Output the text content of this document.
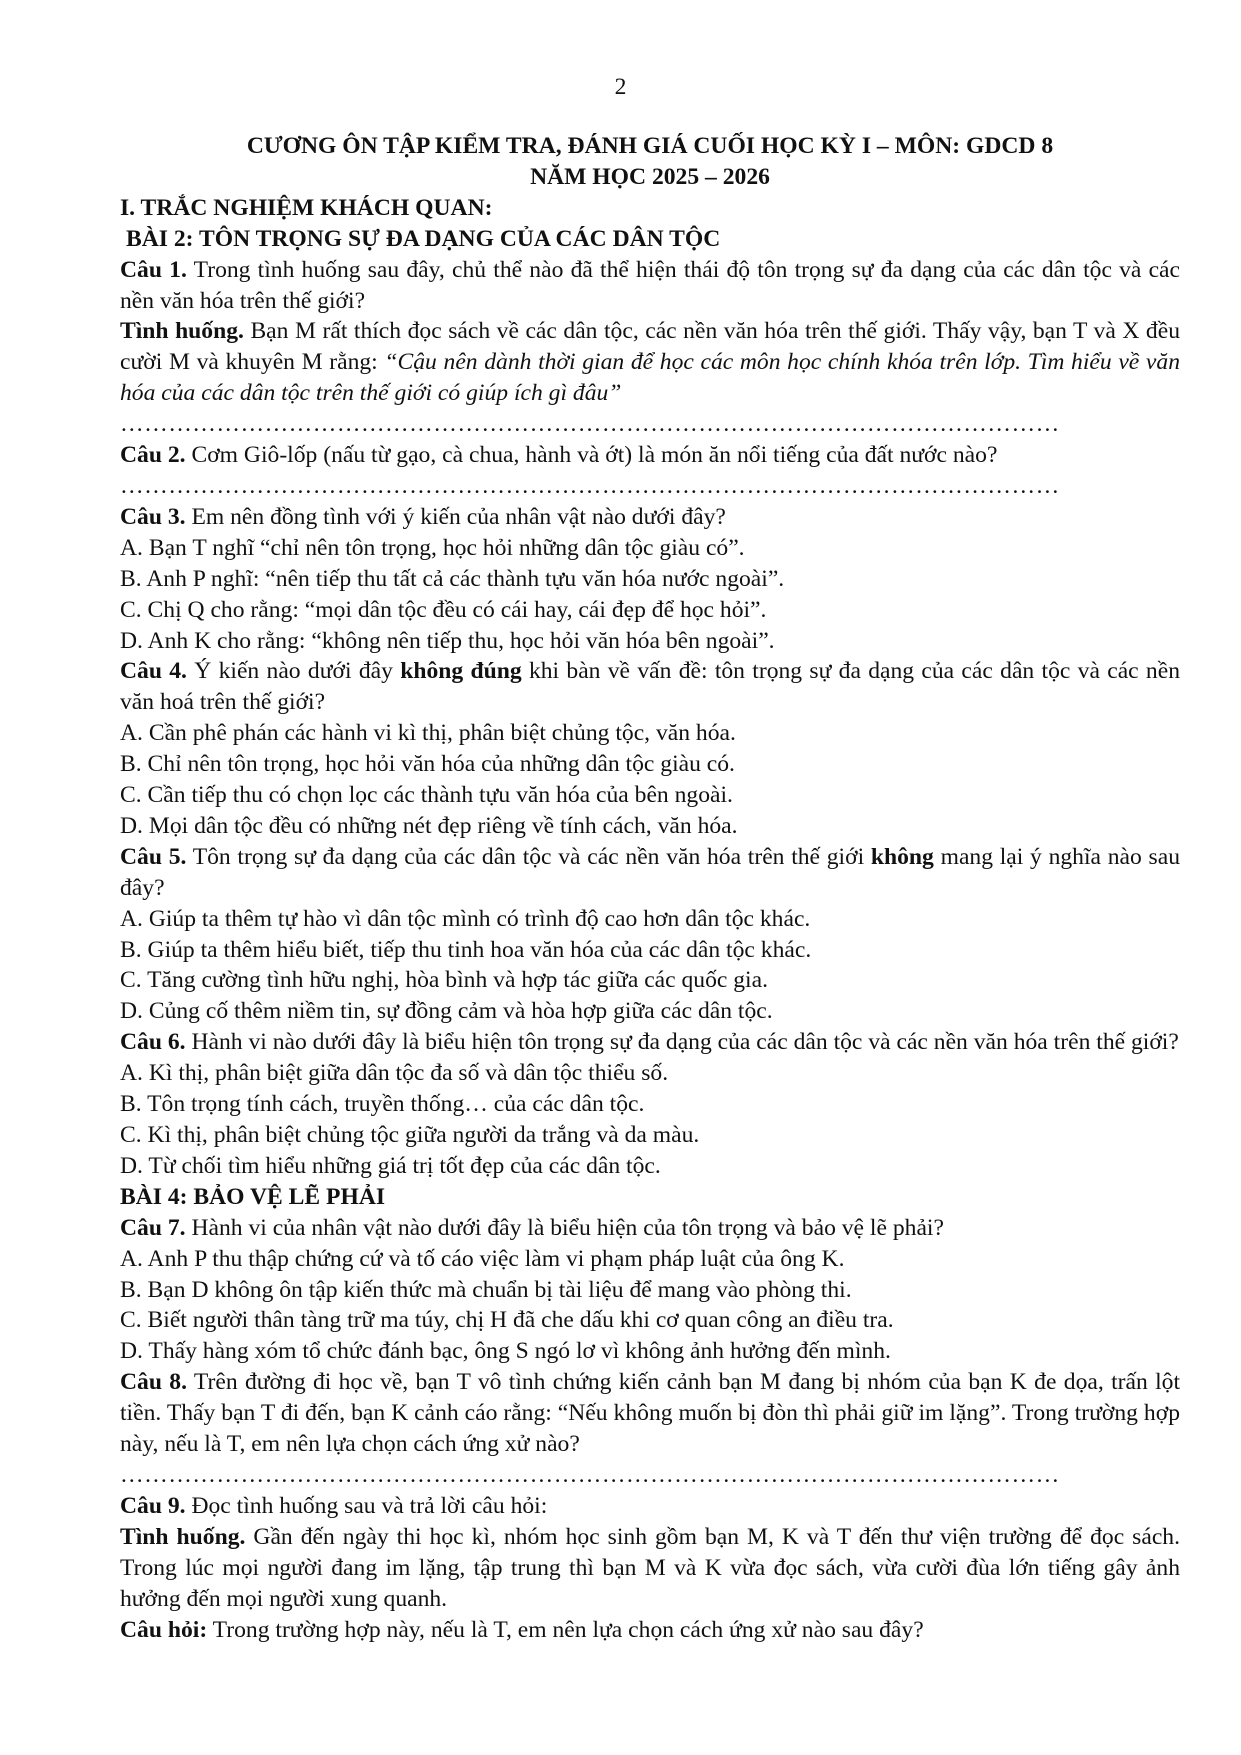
2
CƯƠNG ÔN TẬP KIỂM TRA, ĐÁNH GIÁ CUỐI HỌC KỲ I – MÔN: GDCD 8
NĂM HỌC 2025 – 2026
I. TRẮC NGHIỆM KHÁCH QUAN:
BÀI 2: TÔN TRỌNG SỰ ĐA DẠNG CỦA CÁC DÂN TỘC
Câu 1. Trong tình huống sau đây, chủ thể nào đã thể hiện thái độ tôn trọng sự đa dạng của các dân tộc và các nền văn hóa trên thế giới?
Tình huống. Bạn M rất thích đọc sách về các dân tộc, các nền văn hóa trên thế giới. Thấy vậy, bạn T và X đều cười M và khuyên M rằng: “Cậu nên dành thời gian để học các môn học chính khóa trên lớp. Tìm hiểu về văn hóa của các dân tộc trên thế giới có giúp ích gì đâu”
………………………………………………………………………………………………………
Câu 2. Cơm Giô-lốp (nấu từ gạo, cà chua, hành và ớt) là món ăn nổi tiếng của đất nước nào?
………………………………………………………………………………………………………
Câu 3. Em nên đồng tình với ý kiến của nhân vật nào dưới đây?
A. Bạn T nghĩ “chỉ nên tôn trọng, học hỏi những dân tộc giàu có”.
B. Anh P nghĩ: “nên tiếp thu tất cả các thành tựu văn hóa nước ngoài”.
C. Chị Q cho rằng: “mọi dân tộc đều có cái hay, cái đẹp để học hỏi”.
D. Anh K cho rằng: “không nên tiếp thu, học hỏi văn hóa bên ngoài”.
Câu 4. Ý kiến nào dưới đây không đúng khi bàn về vấn đề: tôn trọng sự đa dạng của các dân tộc và các nền văn hoá trên thế giới?
A. Cần phê phán các hành vi kì thị, phân biệt chủng tộc, văn hóa.
B. Chỉ nên tôn trọng, học hỏi văn hóa của những dân tộc giàu có.
C. Cần tiếp thu có chọn lọc các thành tựu văn hóa của bên ngoài.
D. Mọi dân tộc đều có những nét đẹp riêng về tính cách, văn hóa.
Câu 5. Tôn trọng sự đa dạng của các dân tộc và các nền văn hóa trên thế giới không mang lại ý nghĩa nào sau đây?
A. Giúp ta thêm tự hào vì dân tộc mình có trình độ cao hơn dân tộc khác.
B. Giúp ta thêm hiểu biết, tiếp thu tinh hoa văn hóa của các dân tộc khác.
C. Tăng cường tình hữu nghị, hòa bình và hợp tác giữa các quốc gia.
D. Củng cố thêm niềm tin, sự đồng cảm và hòa hợp giữa các dân tộc.
Câu 6. Hành vi nào dưới đây là biểu hiện tôn trọng sự đa dạng của các dân tộc và các nền văn hóa trên thế giới?
A. Kì thị, phân biệt giữa dân tộc đa số và dân tộc thiểu số.
B. Tôn trọng tính cách, truyền thống… của các dân tộc.
C. Kì thị, phân biệt chủng tộc giữa người da trắng và da màu.
D. Từ chối tìm hiểu những giá trị tốt đẹp của các dân tộc.
BÀI 4: BẢO VỆ LẼ PHẢI
Câu 7. Hành vi của nhân vật nào dưới đây là biểu hiện của tôn trọng và bảo vệ lẽ phải?
A. Anh P thu thập chứng cứ và tố cáo việc làm vi phạm pháp luật của ông K.
B. Bạn D không ôn tập kiến thức mà chuẩn bị tài liệu để mang vào phòng thi.
C. Biết người thân tàng trữ ma túy, chị H đã che dấu khi cơ quan công an điều tra.
D. Thấy hàng xóm tổ chức đánh bạc, ông S ngó lơ vì không ảnh hưởng đến mình.
Câu 8. Trên đường đi học về, bạn T vô tình chứng kiến cảnh bạn M đang bị nhóm của bạn K đe dọa, trấn lột tiền. Thấy bạn T đi đến, bạn K cảnh cáo rằng: “Nếu không muốn bị đòn thì phải giữ im lặng”. Trong trường hợp này, nếu là T, em nên lựa chọn cách ứng xử nào?
………………………………………………………………………………………………………
Câu 9. Đọc tình huống sau và trả lời câu hỏi:
Tình huống. Gần đến ngày thi học kì, nhóm học sinh gồm bạn M, K và T đến thư viện trường để đọc sách. Trong lúc mọi người đang im lặng, tập trung thì bạn M và K vừa đọc sách, vừa cười đùa lớn tiếng gây ảnh hưởng đến mọi người xung quanh.
Câu hỏi: Trong trường hợp này, nếu là T, em nên lựa chọn cách ứng xử nào sau đây?
